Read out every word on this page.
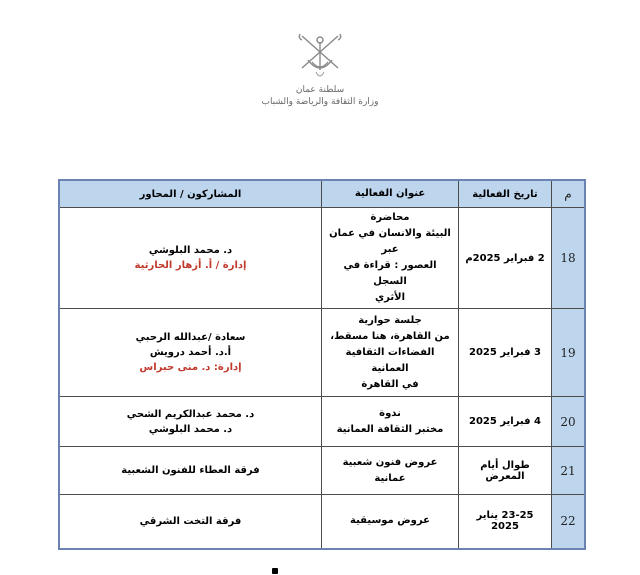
سلطنة عمان
وزارة الثقافة والرياضة والشباب
م	تاريخ الفعالية	عنوان الفعالية	المشاركون / المحاور
18	2 فبراير 2025م	محاضرة
البيئة والانسان في عمان عبر
العصور : قراءة في السجل
الأثري	د. محمد البلوشي
إدارة / أ. أزهار الحارثية

19	3 فبراير 2025	جلسة حوارية
من القاهرة، هنا مسقط،
الفضاءات الثقافية العمانية
في القاهرة	سعادة /عبدالله الرحبي
أ.د. أحمد درويش
إدارة: د. منى حبراس

20	4 فبراير 2025	ندوة
مختبر الثقافة العمانية	د. محمد عبدالكريم الشحي
د. محمد البلوشي

21	طوال أيام المعرض	عروض فنون شعبية عمانية	فرقة العطاء للفنون الشعبية

22	23-25 يناير 2025	عروض موسيقية	فرقة التخت الشرقي
